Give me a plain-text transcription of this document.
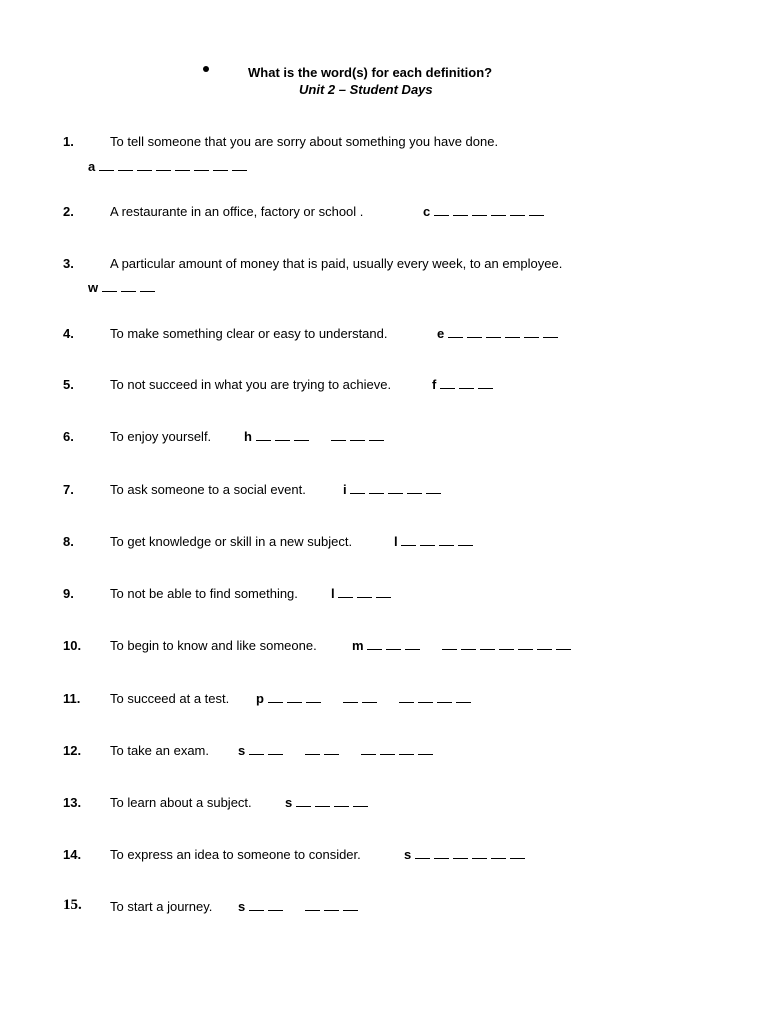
What is the word(s) for each definition?
Unit 2 – Student Days
1.	To tell someone that you are sorry about something you have done.
a
2.	A restaurante in an office, factory or school .	c
3.	A particular amount of money that is paid, usually every week, to an employee.
w
4.	To make something clear or easy to understand.	e
5.	To not succeed in what you are trying to achieve.	f
6.	To enjoy yourself.	h
7.	To ask someone to a social event.	i
8.	To get knowledge or skill in a new subject.	l
9.	To not be able to find something.	l
10. To begin to know and like someone.	m
11. To succeed at a test. p
12. To take an exam. s
13. To learn about a subject.	s
14. To express an idea to someone to consider.	s
15. To start a journey. s
